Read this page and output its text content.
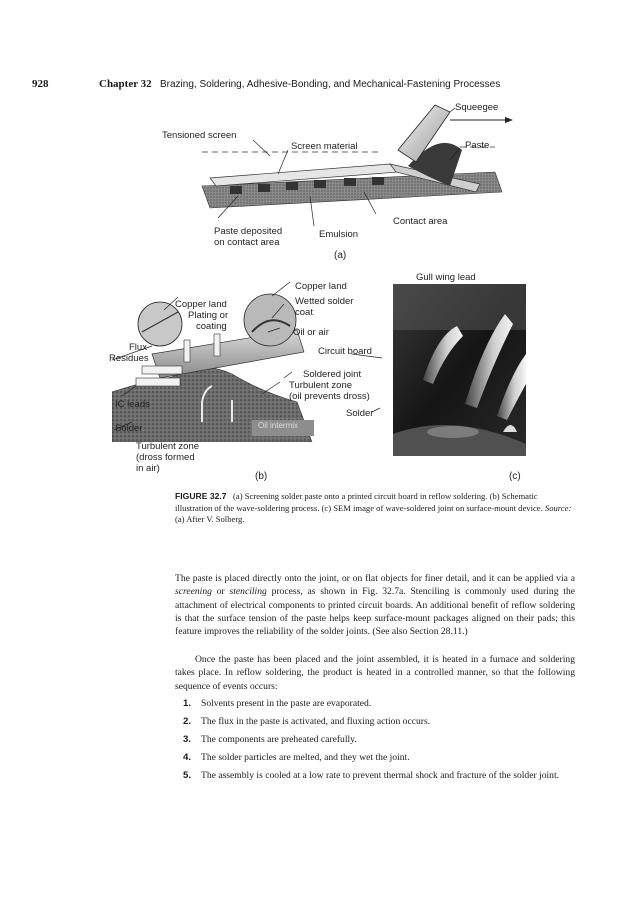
928	Chapter 32 Brazing, Soldering, Adhesive-Bonding, and Mechanical-Fastening Processes
Squeegee
Paste
Tensioned screen
Screen material
Contact area
Emulsion
Paste deposited
on contact area
(a)
Copper land
Copper land	Wetted solder
coat
Plating or
coating
Oil or air
Flux
Residues
Circuit board
Soldered joint
Turbulent zone
(oil prevents dross)
IC leads
Solder
Oil intermix
Solder
Turbulent zone
(dross formed
in air)
(b)
Gull wing lead
(c)
FIGURE 32.7 (a) Screening solder paste onto a printed circuit board in reflow soldering. (b) Schematic illustration of the wave-soldering process. (c) SEM image of wave-soldered joint on surface-mount device. Source: (a) After V. Solberg.

The paste is placed directly onto the joint, or on flat objects for finer detail, and it can be applied via a screening or stenciling process, as shown in Fig. 32.7a. Stenciling is commonly used during the attachment of electrical components to printed circuit boards. An additional benefit of reflow soldering is that the surface tension of the paste helps keep surface-mount packages aligned on their pads; this feature improves the reliability of the solder joints. (See also Section 28.11.)

Once the paste has been placed and the joint assembled, it is heated in a furnace and soldering takes place. In reflow soldering, the product is heated in a controlled manner, so that the following sequence of events occurs:

1.	Solvents present in the paste are evaporated.
2.	The flux in the paste is activated, and fluxing action occurs.
3.	The components are preheated carefully.
4.	The solder particles are melted, and they wet the joint.
5.	The assembly is cooled at a low rate to prevent thermal shock and fracture of the solder joint.
